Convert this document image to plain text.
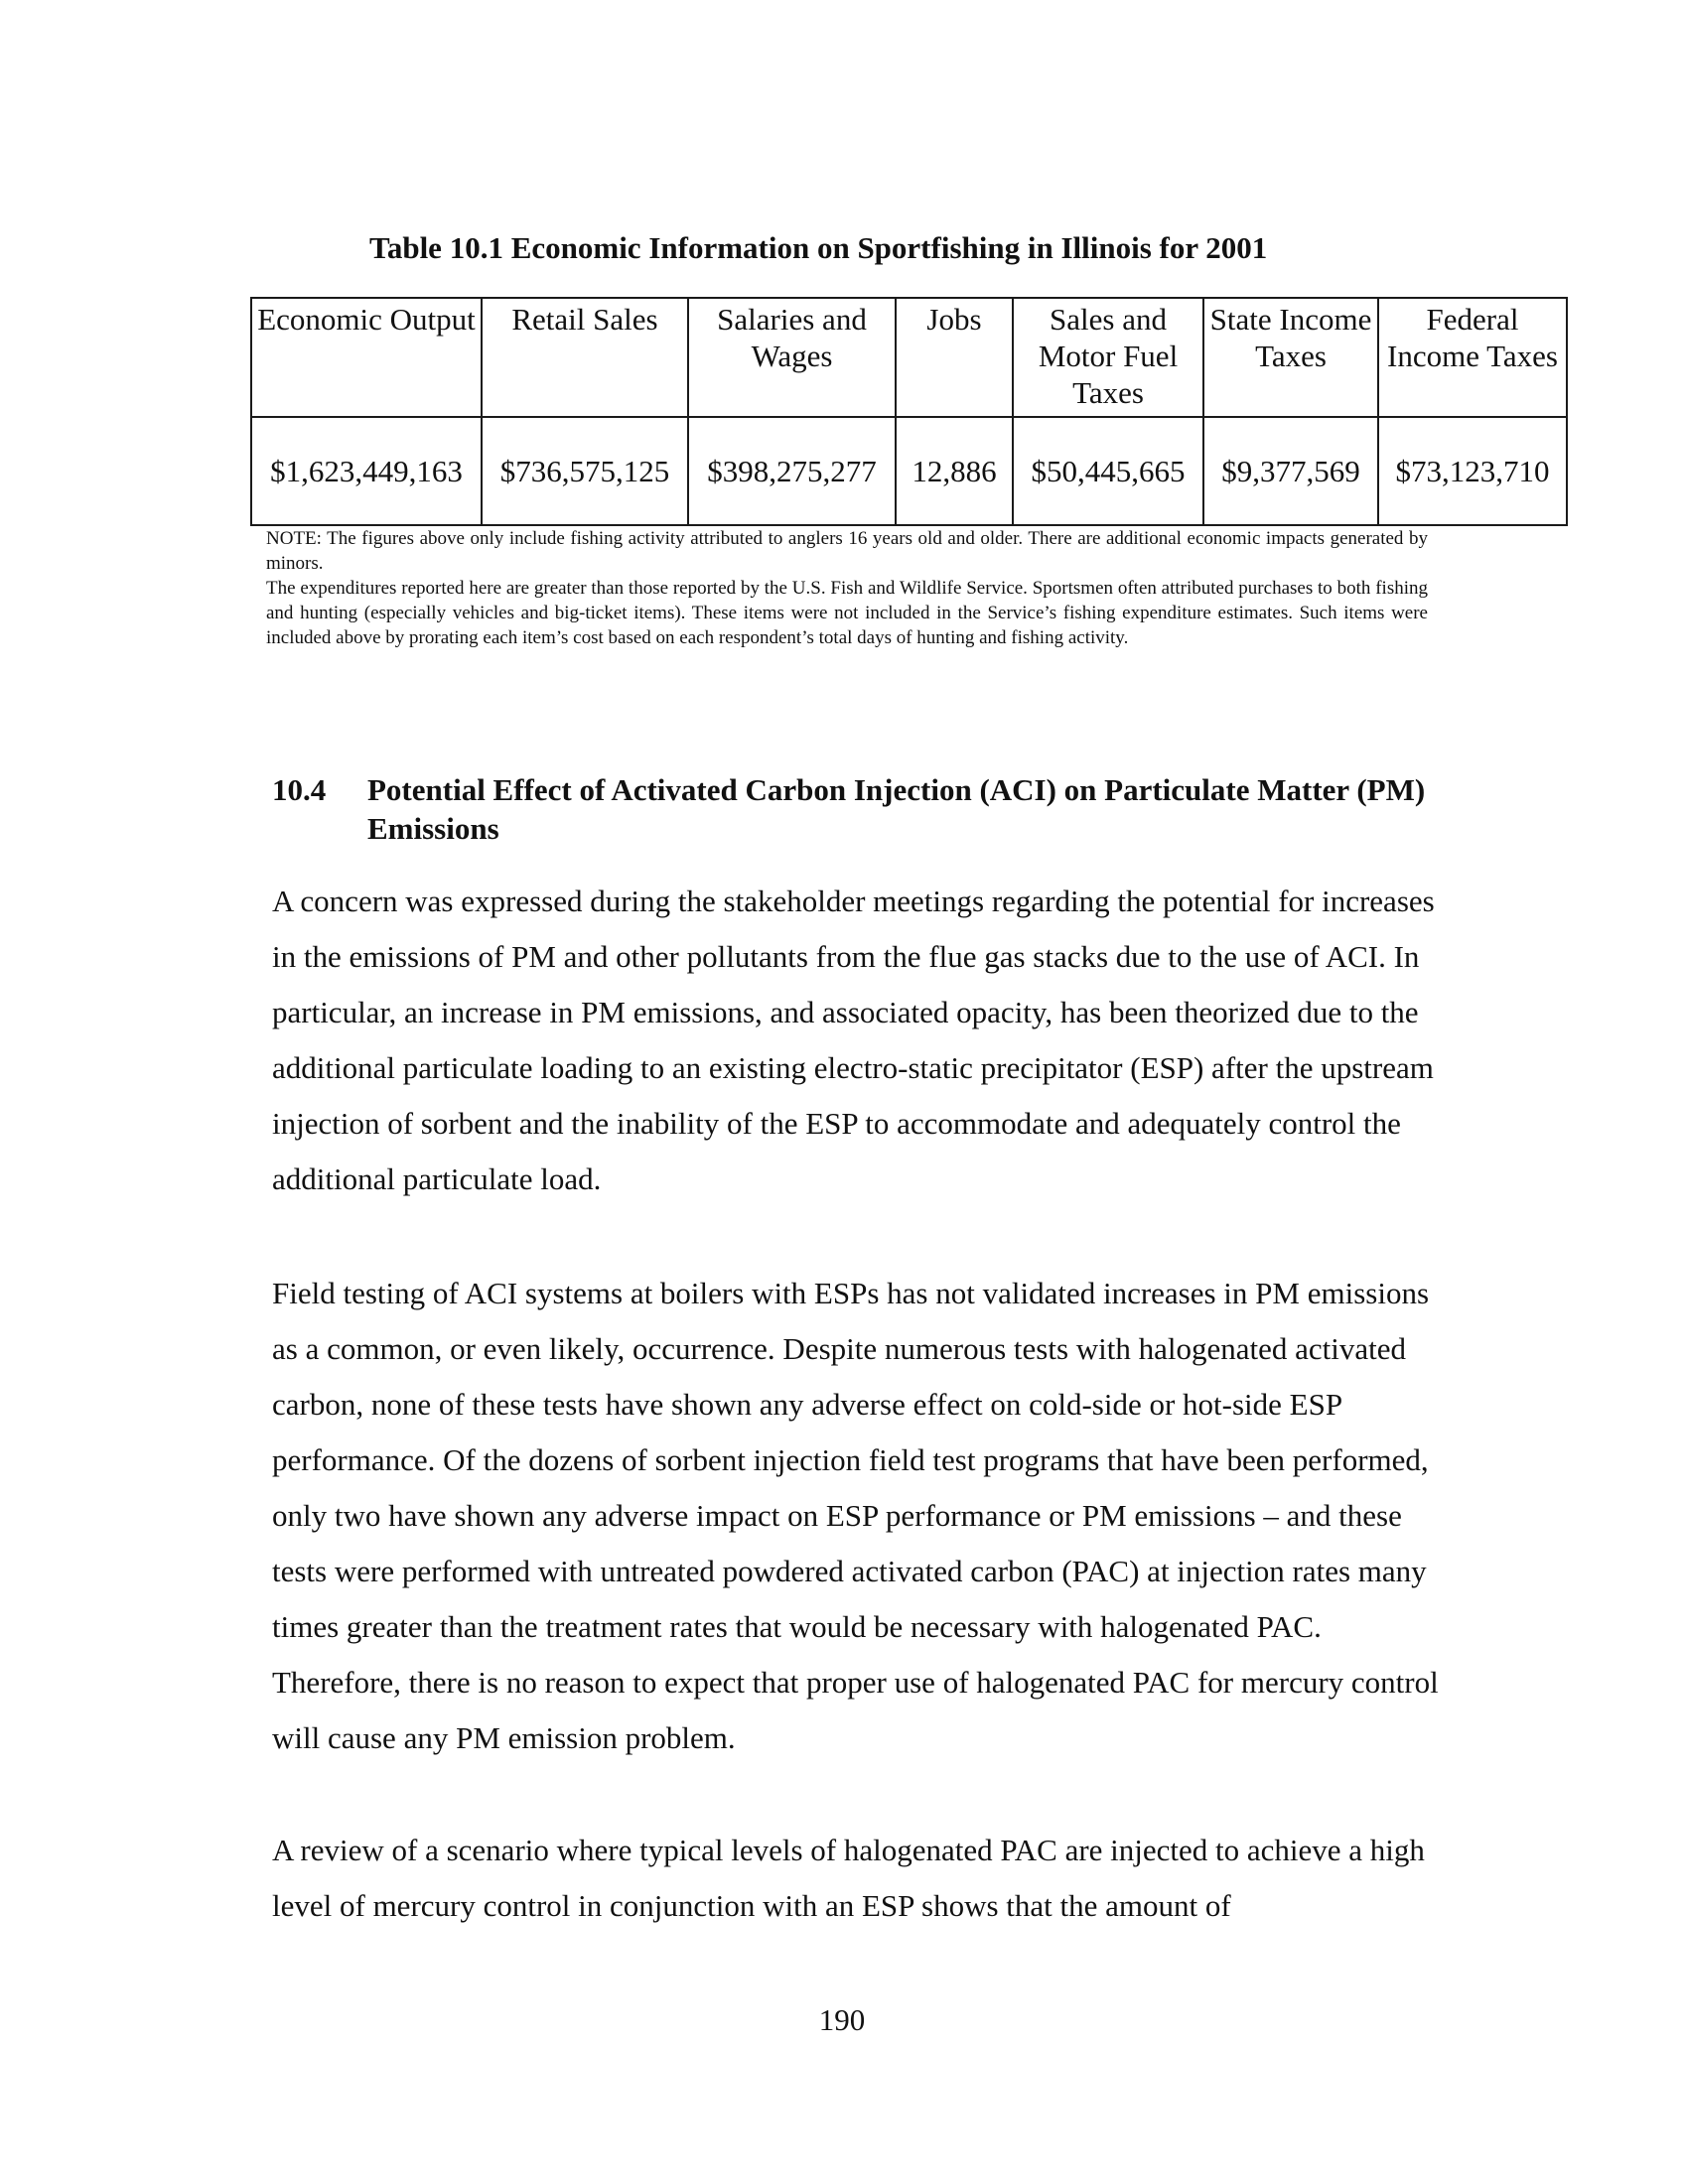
Table 10.1 Economic Information on Sportfishing in Illinois for 2001
Economic Output	Retail Sales	Salaries and Wages	Jobs	Sales and Motor Fuel Taxes	State Income Taxes	Federal Income Taxes
$1,623,449,163	$736,575,125	$398,275,277	12,886	$50,445,665	$9,377,569	$73,123,710

NOTE: The figures above only include fishing activity attributed to anglers 16 years old and older. There are additional economic impacts generated by minors.

The expenditures reported here are greater than those reported by the U.S. Fish and Wildlife Service. Sportsmen often attributed purchases to both fishing and hunting (especially vehicles and big-ticket items). These items were not included in the Service’s fishing expenditure estimates. Such items were included above by prorating each item’s cost based on each respondent’s total days of hunting and fishing activity.

10.4 Potential Effect of Activated Carbon Injection (ACI) on Particulate Matter (PM) Emissions

A concern was expressed during the stakeholder meetings regarding the potential for increases in the emissions of PM and other pollutants from the flue gas stacks due to the use of ACI. In particular, an increase in PM emissions, and associated opacity, has been theorized due to the additional particulate loading to an existing electro-static precipitator (ESP) after the upstream injection of sorbent and the inability of the ESP to accommodate and adequately control the additional particulate load.

Field testing of ACI systems at boilers with ESPs has not validated increases in PM emissions as a common, or even likely, occurrence. Despite numerous tests with halogenated activated carbon, none of these tests have shown any adverse effect on cold-side or hot-side ESP performance. Of the dozens of sorbent injection field test programs that have been performed, only two have shown any adverse impact on ESP performance or PM emissions – and these tests were performed with untreated powdered activated carbon (PAC) at injection rates many times greater than the treatment rates that would be necessary with halogenated PAC. Therefore, there is no reason to expect that proper use of halogenated PAC for mercury control will cause any PM emission problem.

A review of a scenario where typical levels of halogenated PAC are injected to achieve a high level of mercury control in conjunction with an ESP shows that the amount of

190
